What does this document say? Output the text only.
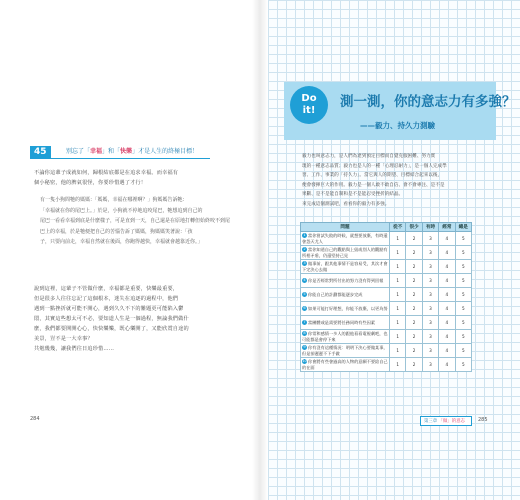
45	別忘了「幸福」和「快樂」才是人生的終極目標！
不論你這輩子成就如何，歸根結底都是在追求幸福。而幸福有
個小秘密，他的脾氣很怪，你要珍惜遇了才行！
有一隻小狗問牠的媽媽：「媽媽，幸福在哪裡啊？」狗媽媽告訴牠：
「幸福就在你的尾巴上。」於是，小狗就不停地追咬尾巴，牠想追到自己的
尾巴一看看幸福到底是什麼樣子，可是直到一天，自己還是在原地打轉但始終咬不到尾
巴上的幸福，於是牠便把自己的苦惱告訴了媽媽，狗媽媽笑著說：「孩
子，只要向前走，幸福自然就在後面，你跑得越快，幸福就會越靠近你。」
說到這裡，這輩子不管做什麼，幸福都是重要，快樂最重要，
但是很多人往往忘記了這個根本，迷失在追逐的過程中，他們
遇到一點挫折就可能不開心，遇到久久不下的難題更可能陷入鬱
悶，其實這些想太可不必，要知道人生是一個過程，無論我們做什
麼，我們都要開開心心，快快樂樂，既心樂開了，又能欣賞自途的
美景，豈不是一大幸事？
共勉幾幾，讓我們往日追珍惜……
284
Do
it!
測一測，你的意志力有多強？
——毅力、持久力測驗
毅力也叫意志力，是人們為達到預定目標而自覺克服困難、努力實
現的一種意志品質；毅力也是人的一種「心理忍耐力」，是一個人完成學
習、工作、事業的「持久力」。當它與人的期望、目標結合起來以後，
便會發揮巨大的作用。毅力是一個人敢不敢自信、會不會專注、是不是
果斷、是不是能自制和是不是能忍受挫折的結晶。
來完成這個測試吧，看看你的毅力有多強。
問題	從不	很少	有時	經常	總是
1 當你嘗試失敗的時候，就想要放棄，有時還會怨天尤人	1	2	3	4	5
2 當你知道自己的觀點與上級或別人的觀點有所相矛盾，仍還堅持己見	1	2	3	4	5
3 做事前，跟其他事情不是容易受，其次才會下定決心去做	1	2	3	4	5
4 你是否經常對所付出的努力沒有得到回報	1	2	3	4	5
5 你能自己的計劃都能逐步完成	1	2	3	4	5
6 如果可能打好理想，你能不放棄，以更為努	1	2	3	4	5
7 當團體或是需要將任務同時有些因素	1	2	3	4	5
8 你常和感情一多人的跟他看看電視劇吧，也可能都是會停下來	1	2	3	4	5
9 你有沒有這種情況：明明下決心要做某事，但是卻遲遲不下手做	1	2	3	4	5
10你會將有些會過高的人物的意願不要給自己的在面	1	2	3	4	5
第三章 「做」的意志	285
